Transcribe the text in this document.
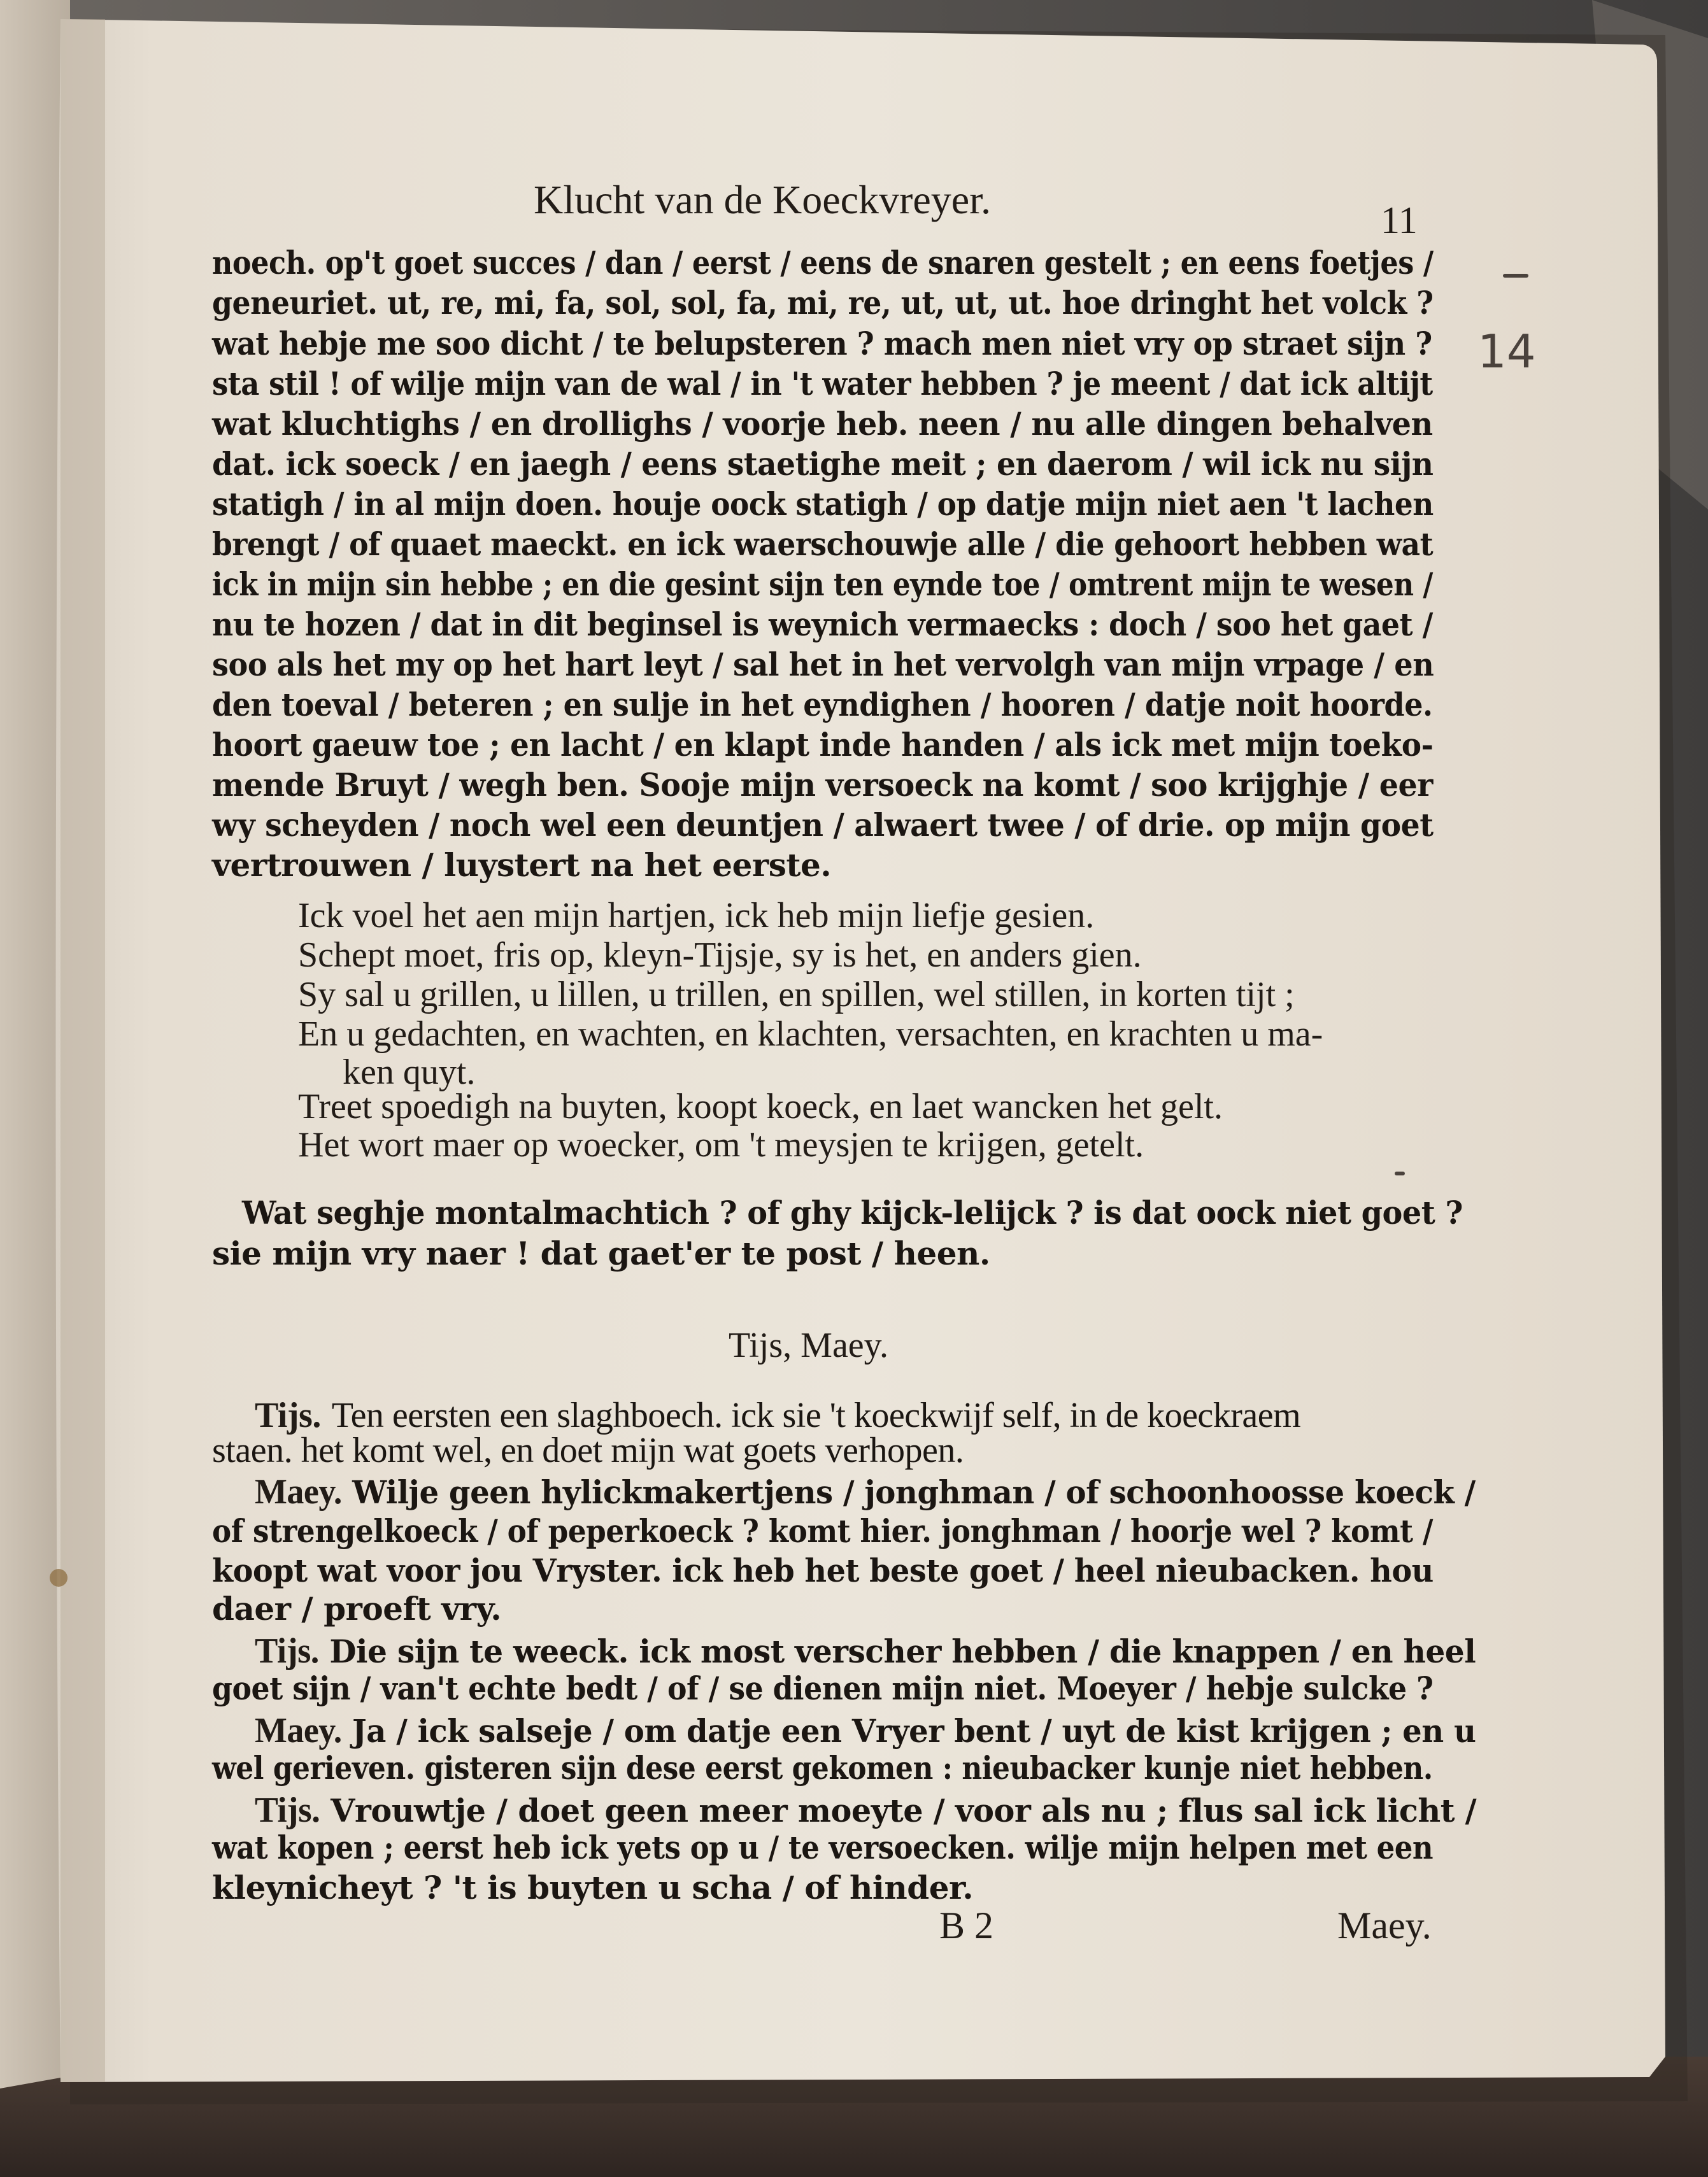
Klucht van de Koeckvreyer.	11
14
noech. op't goet succes / dan / eerst / eens de snaren gestelt ; en eens foetjes /
geneuriet. ut, re, mi, fa, sol, sol, fa, mi, re, ut, ut, ut. hoe dringht het volck ?
wat hebje me soo dicht / te belupsteren ? mach men niet vry op straet sijn ?
sta stil ! of wilje mijn van de wal / in 't water hebben ? je meent / dat ick altijt
wat kluchtighs / en drollighs / voorje heb. neen / nu alle dingen behalven
dat. ick soeck / en jaegh / eens staetighe meit ; en daerom / wil ick nu sijn
statigh / in al mijn doen. houje oock statigh / op datje mijn niet aen 't lachen
brengt / of quaet maeckt. en ick waerschouwje alle / die gehoort hebben wat
ick in mijn sin hebbe ; en die gesint sijn ten eynde toe / omtrent mijn te wesen /
nu te hozen / dat in dit beginsel is weynich vermaecks : doch / soo het gaet /
soo als het my op het hart leyt / sal het in het vervolgh van mijn vrpage / en
den toeval / beteren ; en sulje in het eyndighen / hooren / datje noit hoorde.
hoort gaeuw toe ; en lacht / en klapt inde handen / als ick met mijn toeko-
mende Bruyt / wegh ben. Sooje mijn versoeck na komt / soo krijghje / eer
wy scheyden / noch wel een deuntjen / alwaert twee / of drie. op mijn goet
vertrouwen / luystert na het eerste.
Ick voel het aen mijn hartjen, ick heb mijn liefje gesien.
Schept moet, fris op, kleyn-Tijsje, sy is het, en anders gien.
Sy sal u grillen, u lillen, u trillen, en spillen, wel stillen, in korten tijt ;
En u gedachten, en wachten, en klachten, versachten, en krachten u ma-
ken quyt.
Treet spoedigh na buyten, koopt koeck, en laet wancken het gelt.
Het wort maer op woecker, om 't meysjen te krijgen, getelt.
Wat seghje montalmachtich ? of ghy kijck-lelijck ? is dat oock niet goet ?
sie mijn vry naer ! dat gaet'er te post / heen.
Tijs, Maey.
Tijs. Ten eersten een slaghboech. ick sie 't koeckwijf self, in de koeckraem
staen. het komt wel, en doet mijn wat goets verhopen.
Maey. Wilje geen hylickmakertjens / jonghman / of schoonhoosse koeck /
of strengelkoeck / of peperkoeck ? komt hier. jonghman / hoorje wel ? komt /
koopt wat voor jou Vryster. ick heb het beste goet / heel nieubacken. hou
daer / proeft vry.
Tijs. Die sijn te weeck. ick most verscher hebben / die knappen / en heel
goet sijn / van't echte bedt / of / se dienen mijn niet. Moeyer / hebje sulcke ?
Maey. Ja / ick salseje / om datje een Vryer bent / uyt de kist krijgen ; en u
wel gerieven. gisteren sijn dese eerst gekomen : nieubacker kunje niet hebben.
Tijs. Vrouwtje / doet geen meer moeyte / voor als nu ; flus sal ick licht /
wat kopen ; eerst heb ick yets op u / te versoecken. wilje mijn helpen met een
kleynicheyt ? 't is buyten u scha / of hinder.
B 2	Maey.
